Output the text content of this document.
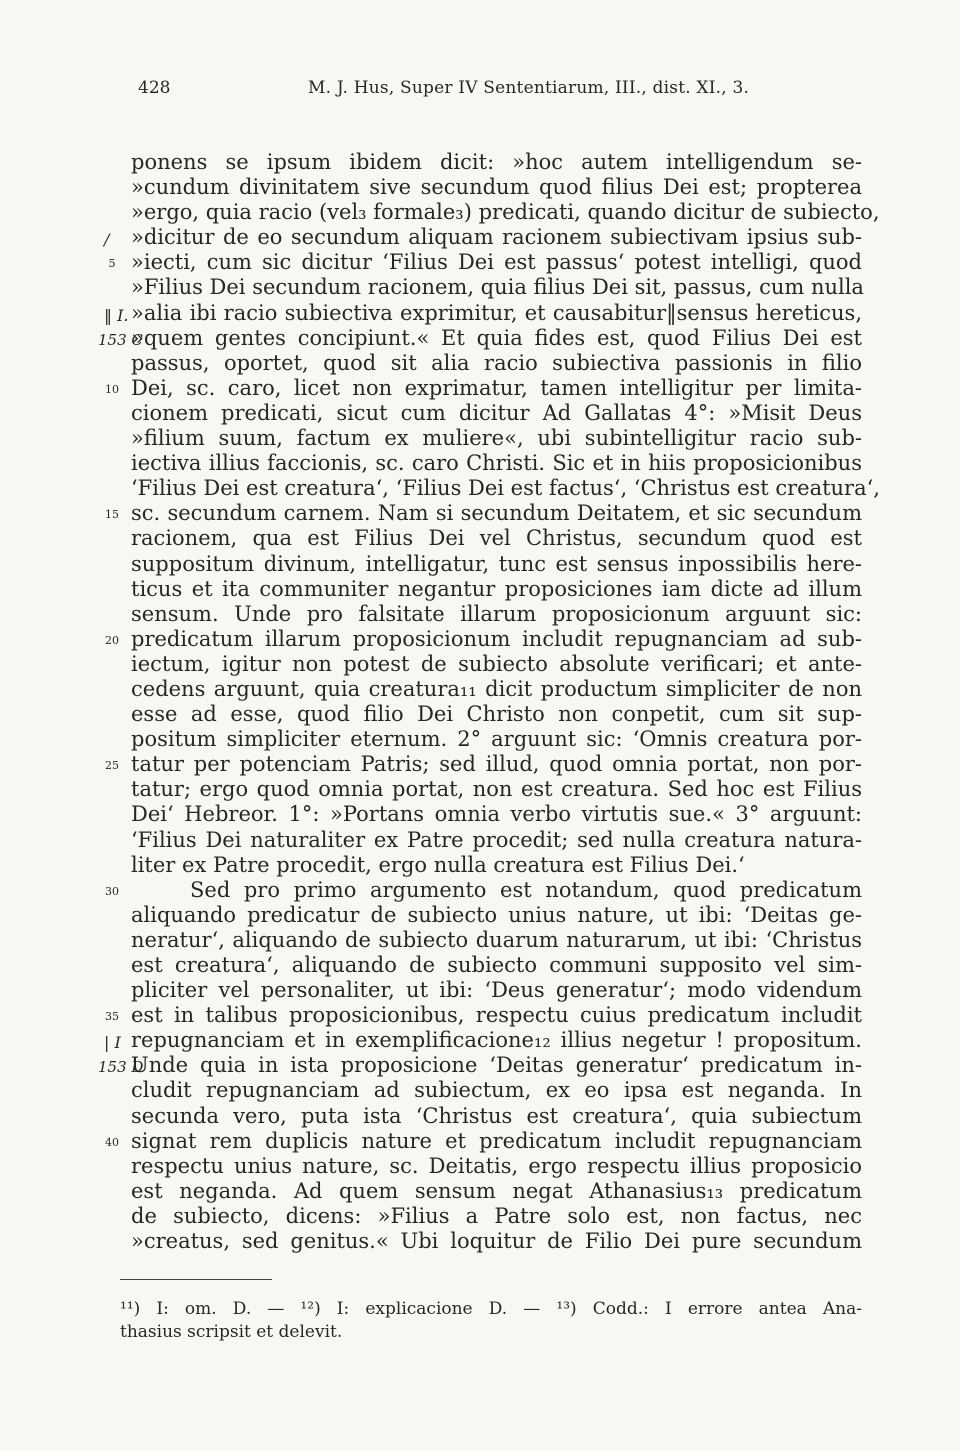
428	M. J. Hus, Super IV Sententiarum, III., dist. XI., 3.
ponens se ipsum ibidem dicit: »hoc autem intelligendum se-
»cundum divinitatem sive secundum quod filius Dei est; propterea
»ergo, quia racio (vel₃ formale₃) predicati, quando dicitur de subiecto,
/ »dicitur de eo secundum aliquam racionem subiectivam ipsius sub-
5 »iecti, cum sic dicitur ‘Filius Dei est passus‘ potest intelligi, quod
»Filius Dei secundum racionem, quia filius Dei sit, passus, cum nulla
‖ I. »alia ibi racio subiectiva exprimitur, et causabitur‖sensus hereticus,
153 C
»quem gentes concipiunt.« Et quia fides est, quod Filius Dei est
passus, oportet, quod sit alia racio subiectiva passionis in filio
10 Dei, sc. caro, licet non exprimatur, tamen intelligitur per limita-
cionem predicati, sicut cum dicitur Ad Gallatas 4°: »Misit Deus
»filium suum, factum ex muliere«, ubi subintelligitur racio sub-
iectiva illius faccionis, sc. caro Christi. Sic et in hiis proposicionibus
‘Filius Dei est creatura‘, ‘Filius Dei est factus‘, ‘Christus est creatura‘,
15 sc. secundum carnem. Nam si secundum Deitatem, et sic secundum
racionem, qua est Filius Dei vel Christus, secundum quod est
suppositum divinum, intelligatur, tunc est sensus inpossibilis here-
ticus et ita communiter negantur proposiciones iam dicte ad illum
sensum. Unde pro falsitate illarum proposicionum arguunt sic:
20 predicatum illarum proposicionum includit repugnanciam ad sub-
iectum, igitur non potest de subiecto absolute verificari; et ante-
cedens arguunt, quia creatura₁₁ dicit productum simpliciter de non
esse ad esse, quod filio Dei Christo non conpetit, cum sit sup-
positum simpliciter eternum. 2° arguunt sic: ‘Omnis creatura por-
25 tatur per potenciam Patris; sed illud, quod omnia portat, non por-
tatur; ergo quod omnia portat, non est creatura. Sed hoc est Filius
Dei‘ Hebreor. 1°: »Portans omnia verbo virtutis sue.« 3° arguunt:
‘Filius Dei naturaliter ex Patre procedit; sed nulla creatura natura-
liter ex Patre procedit, ergo nulla creatura est Filius Dei.‘
30	Sed pro primo argumento est notandum, quod predicatum
aliquando predicatur de subiecto unius nature, ut ibi: ‘Deitas ge-
neratur‘, aliquando de subiecto duarum naturarum, ut ibi: ‘Christus
est creatura‘, aliquando de subiecto communi supposito vel sim-
pliciter vel personaliter, ut ibi: ‘Deus generatur‘; modo videndum
35 est in talibus proposicionibus, respectu cuius predicatum includit
| I repugnanciam et in exemplificacione₁₂ illius negetur ! propositum.
153 D
Unde quia in ista proposicione ‘Deitas generatur‘ predicatum in-
cludit repugnanciam ad subiectum, ex eo ipsa est neganda. In
secunda vero, puta ista ‘Christus est creatura‘, quia subiectum
40 signat rem duplicis nature et predicatum includit repugnanciam
respectu unius nature, sc. Deitatis, ergo respectu illius proposicio
est neganda. Ad quem sensum negat Athanasius₁₃ predicatum
de subiecto, dicens: »Filius a Patre solo est, non factus, nec
»creatus, sed genitus.« Ubi loquitur de Filio Dei pure secundum
¹¹) I: om. D. — ¹²) I: explicacione D. — ¹³) Codd.: I errore antea Ana-
thasius scripsit et delevit.
